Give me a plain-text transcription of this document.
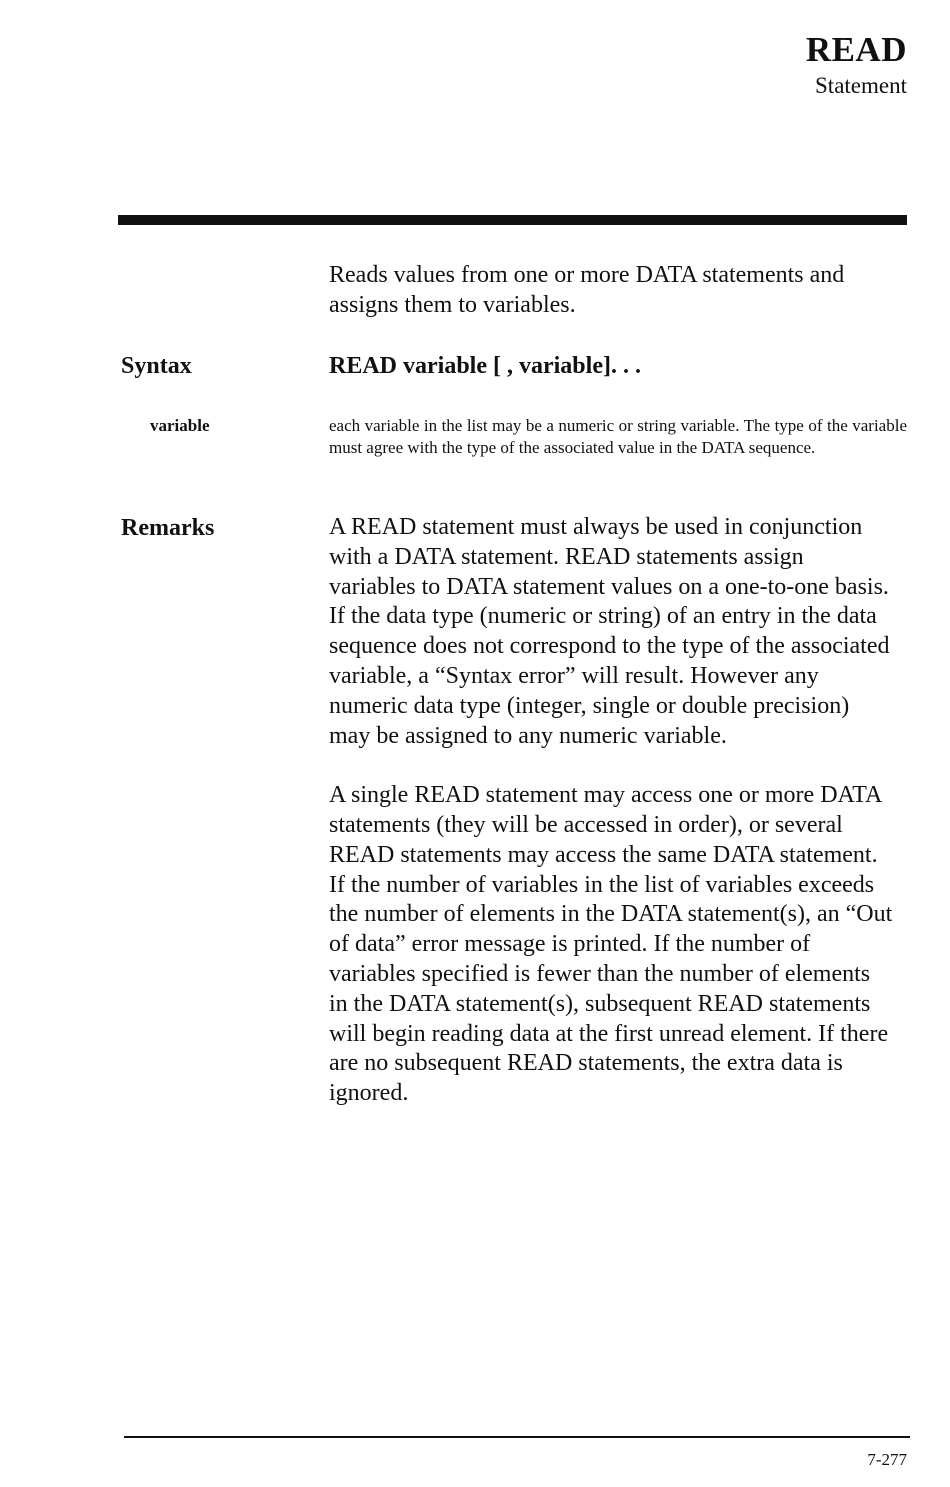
READ
Statement
Reads values from one or more DATA statements and assigns them to variables.
Syntax	READ variable [ , variable]. . .
variable	each variable in the list may be a numeric or string variable. The type of the variable must agree with the type of the associated value in the DATA sequence.
Remarks	A READ statement must always be used in conjunction with a DATA statement. READ statements assign variables to DATA statement values on a one-to-one basis. If the data type (numeric or string) of an entry in the data sequence does not correspond to the type of the associated variable, a “Syntax error” will result. However any numeric data type (integer, single or double precision) may be assigned to any numeric variable.

A single READ statement may access one or more DATA statements (they will be accessed in order), or several READ statements may access the same DATA statement. If the number of variables in the list of variables exceeds the number of elements in the DATA statement(s), an “Out of data” error message is printed. If the number of variables specified is fewer than the number of elements in the DATA statement(s), subsequent READ statements will begin reading data at the first unread element. If there are no subsequent READ statements, the extra data is ignored.

7-277
